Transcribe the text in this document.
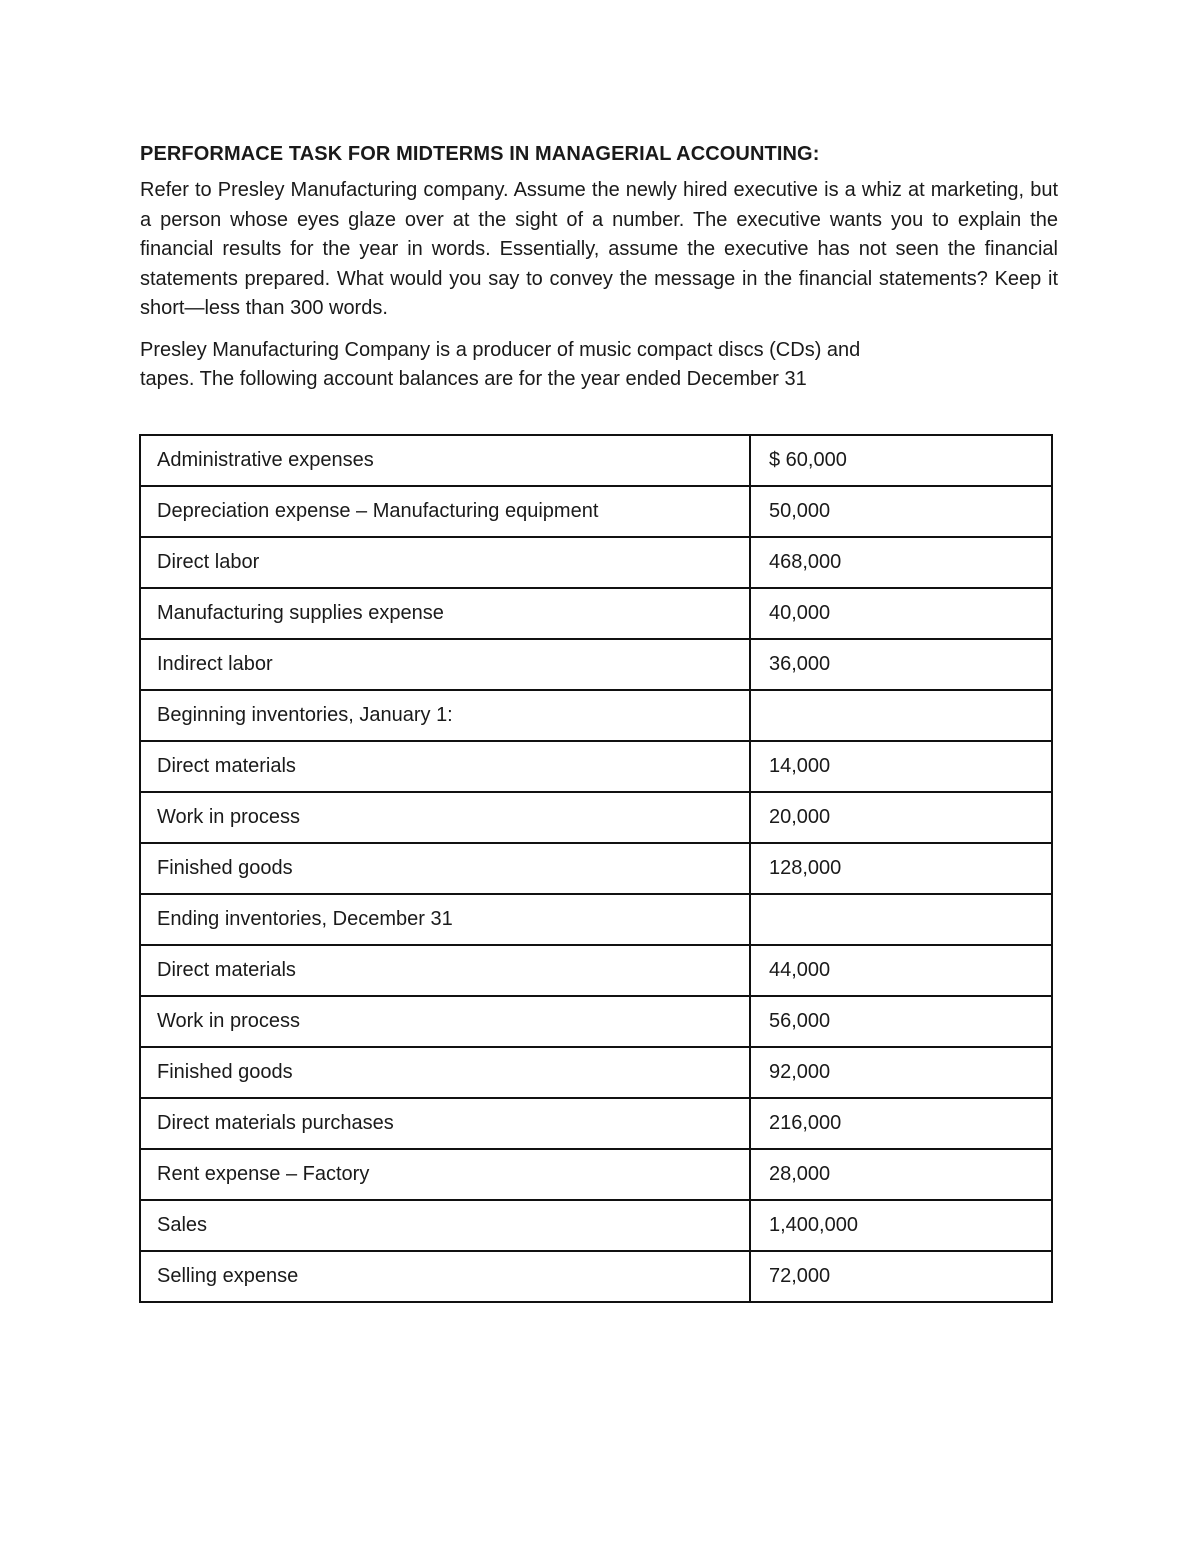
PERFORMACE TASK FOR MIDTERMS IN MANAGERIAL ACCOUNTING:

Refer to Presley Manufacturing company. Assume the newly hired executive is a whiz at marketing, but a person whose eyes glaze over at the sight of a number. The executive wants you to explain the financial results for the year in words. Essentially, assume the executive has not seen the financial statements prepared. What would you say to convey the message in the financial statements? Keep it short—less than 300 words.

Presley Manufacturing Company is a producer of music compact discs (CDs) and
tapes. The following account balances are for the year ended December 31

Administrative expenses	$ 60,000
Depreciation expense – Manufacturing equipment	50,000
Direct labor	468,000
Manufacturing supplies expense	40,000
Indirect labor	36,000
Beginning inventories, January 1:	
Direct materials	14,000
Work in process	20,000
Finished goods	128,000
Ending inventories, December 31	
Direct materials	44,000
Work in process	56,000
Finished goods	92,000
Direct materials purchases	216,000
Rent expense – Factory	28,000
Sales	1,400,000
Selling expense	72,000
